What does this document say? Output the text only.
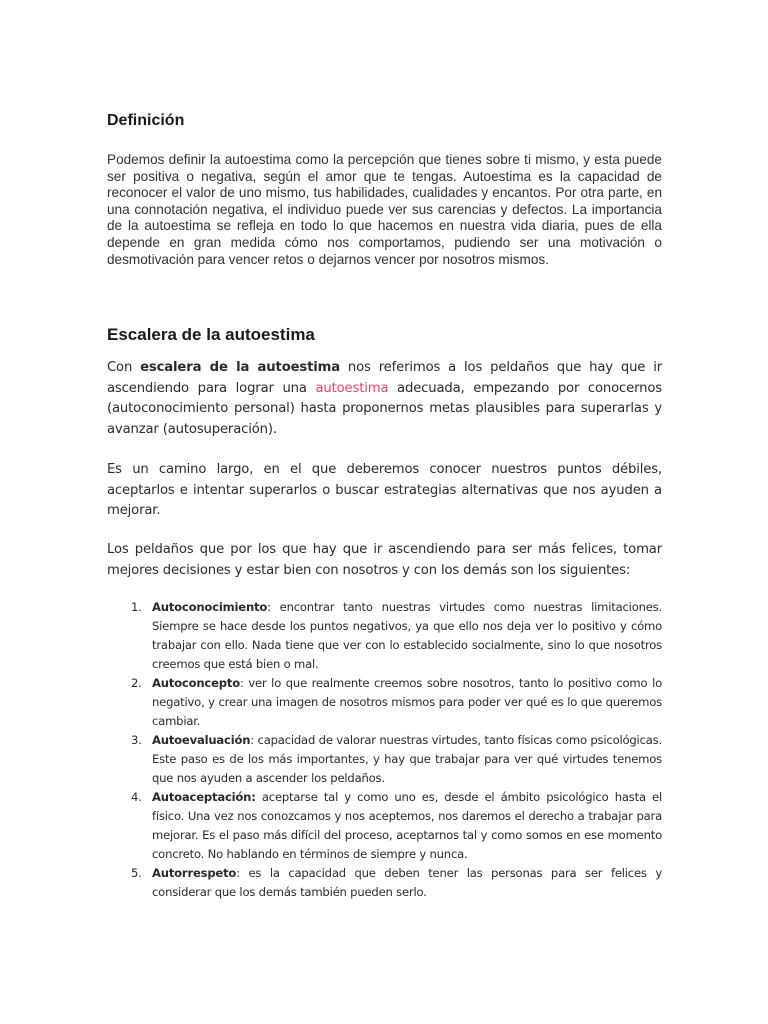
Definición

Podemos definir la autoestima como la percepción que tienes sobre ti mismo, y esta puede ser positiva o negativa, según el amor que te tengas. Autoestima es la capacidad de reconocer el valor de uno mismo, tus habilidades, cualidades y encantos. Por otra parte, en una connotación negativa, el individuo puede ver sus carencias y defectos. La importancia de la autoestima se refleja en todo lo que hacemos en nuestra vida diaria, pues de ella depende en gran medida cómo nos comportamos, pudiendo ser una motivación o desmotivación para vencer retos o dejarnos vencer por nosotros mismos.

Escalera de la autoestima

Con escalera de la autoestima nos referimos a los peldaños que hay que ir ascendiendo para lograr una autoestima adecuada, empezando por conocernos (autoconocimiento personal) hasta proponernos metas plausibles para superarlas y avanzar (autosuperación).

Es un camino largo, en el que deberemos conocer nuestros puntos débiles, aceptarlos e intentar superarlos o buscar estrategias alternativas que nos ayuden a mejorar.

Los peldaños que por los que hay que ir ascendiendo para ser más felices, tomar mejores decisiones y estar bien con nosotros y con los demás son los siguientes:

1. Autoconocimiento: encontrar tanto nuestras virtudes como nuestras limitaciones. Siempre se hace desde los puntos negativos, ya que ello nos deja ver lo positivo y cómo trabajar con ello. Nada tiene que ver con lo establecido socialmente, sino lo que nosotros creemos que está bien o mal.
2. Autoconcepto: ver lo que realmente creemos sobre nosotros, tanto lo positivo como lo negativo, y crear una imagen de nosotros mismos para poder ver qué es lo que queremos cambiar.
3. Autoevaluación: capacidad de valorar nuestras virtudes, tanto físicas como psicológicas. Este paso es de los más importantes, y hay que trabajar para ver qué virtudes tenemos que nos ayuden a ascender los peldaños.
4. Autoaceptación: aceptarse tal y como uno es, desde el ámbito psicológico hasta el físico. Una vez nos conozcamos y nos aceptemos, nos daremos el derecho a trabajar para mejorar. Es el paso más difícil del proceso, aceptarnos tal y como somos en ese momento concreto. No hablando en términos de siempre y nunca.
5. Autorrespeto: es la capacidad que deben tener las personas para ser felices y considerar que los demás también pueden serlo.
